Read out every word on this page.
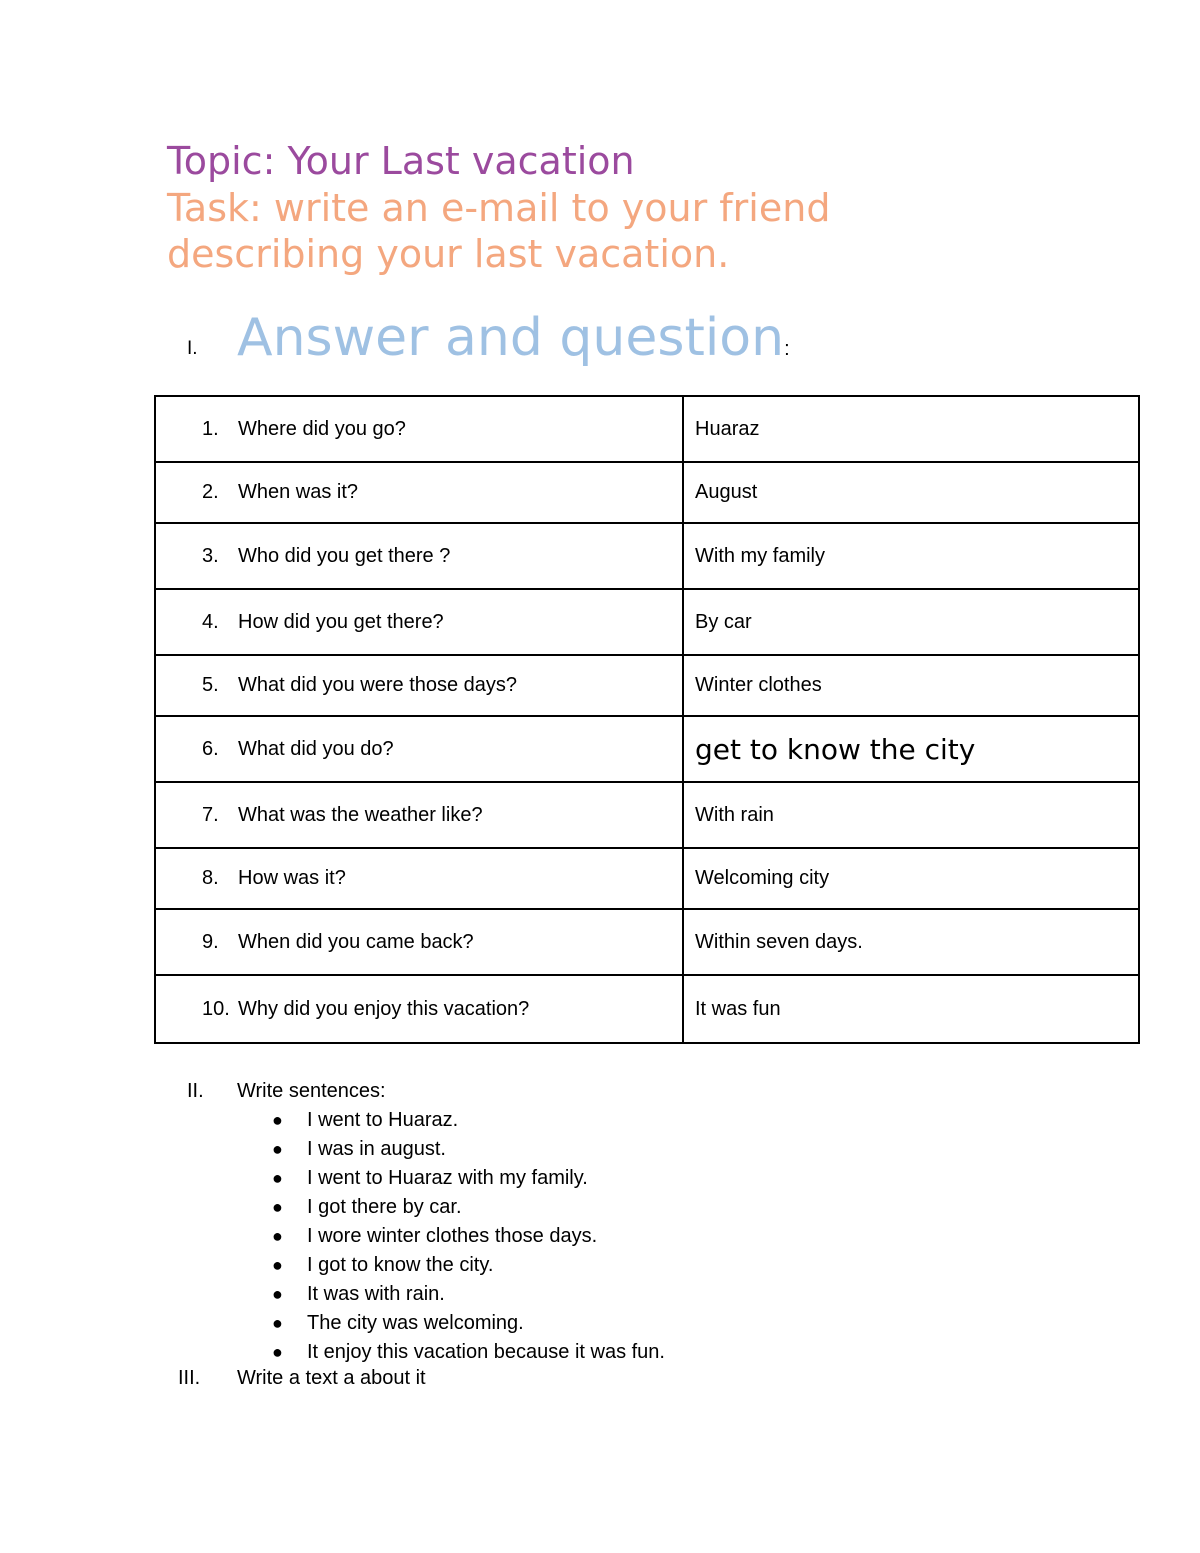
Topic: Your Last vacation
Task: write an e-mail to your friend
describing your last vacation.
I. Answer and question:
1. Where did you go?	Huaraz
2. When was it?	August
3. Who did you get there ?	With my family
4. How did you get there?	By car
5. What did you were those days?	Winter clothes
6. What did you do?	get to know the city
7. What was the weather like?	With rain
8. How was it?	Welcoming city
9. When did you came back?	Within seven days.
10. Why did you enjoy this vacation?	It was fun
II. Write sentences:
● I went to Huaraz.
● I was in august.
● I went to Huaraz with my family.
● I got there by car.
● I wore winter clothes those days.
● I got to know the city.
● It was with rain.
● The city was welcoming.
● It enjoy this vacation because it was fun.
III. Write a text a about it
